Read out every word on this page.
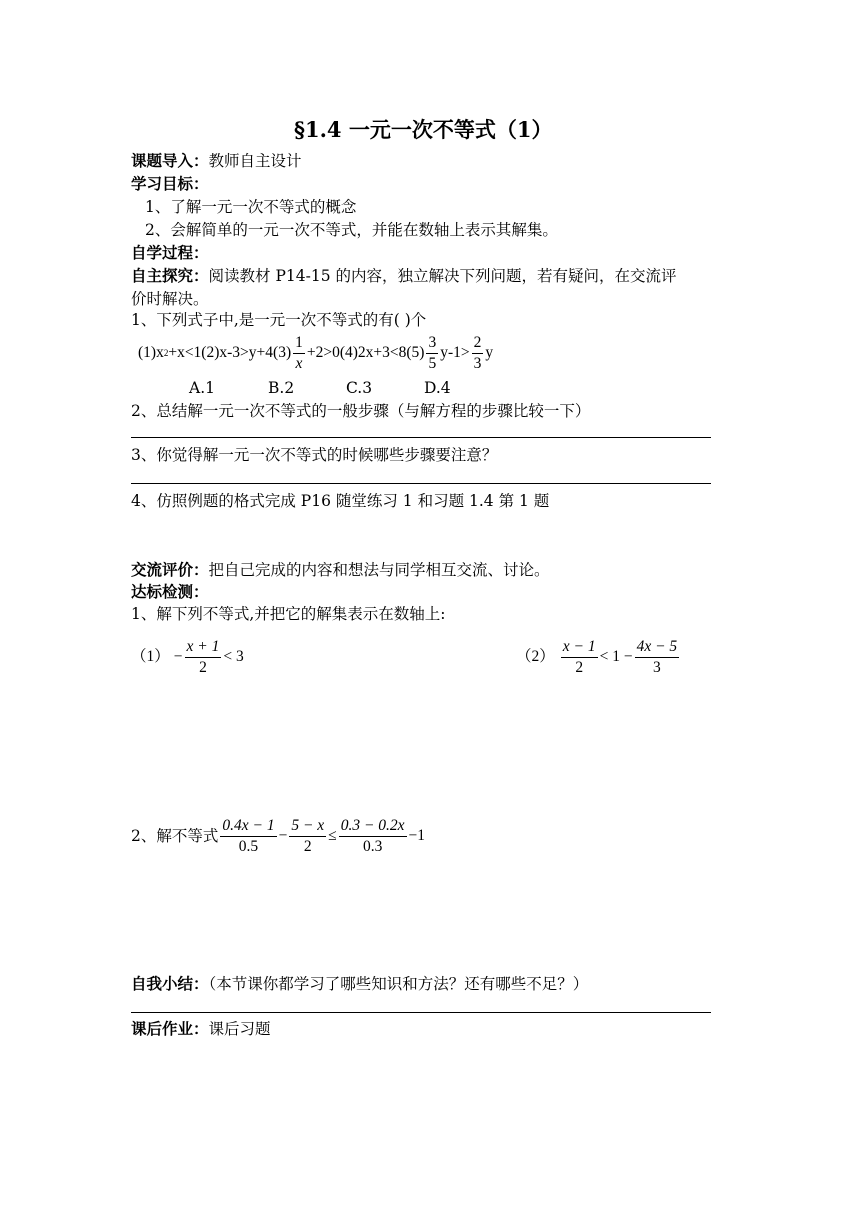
§1.4 一元一次不等式（1）
课题导入：教师自主设计
学习目标：
1、了解一元一次不等式的概念
2、会解简单的一元一次不等式，并能在数轴上表示其解集。
自学过程：
自主探究：阅读教材 P14-15 的内容，独立解决下列问题，若有疑问，在交流评
价时解决。
1、下列式子中,是一元一次不等式的有( )个
(1)x $2 +x<1(2)x-3>y+4(3) \frac{1}{x} +2>0(4)2x+3<8(5) \frac{3}{5} y-1> \frac{2}{3}$ y
A.1	B.2	C.3	D.4
2、总结解一元一次不等式的一般步骤（与解方程的步骤比较一下）
3、你觉得解一元一次不等式的时候哪些步骤要注意？
4、仿照例题的格式完成 P16 随堂练习 1 和习题 1.4 第 1 题
交流评价：把自己完成的内容和想法与同学相互交流、讨论。
达标检测：
1、解下列不等式,并把它的解集表示在数轴上:
$(1) - \frac{x + 1}{2} < 3$	$(2) \frac{x - 1}{2} < 1 - \frac{4x - 5}{3}$
2、解不等式 $\frac{0.4x - 1}{0.5} - \frac{5 - x}{2} \le \frac{0.3 - 0.2x}{0.3} -1$
自我小结：（本节课你都学习了哪些知识和方法？还有哪些不足？）
课后作业：课后习题
